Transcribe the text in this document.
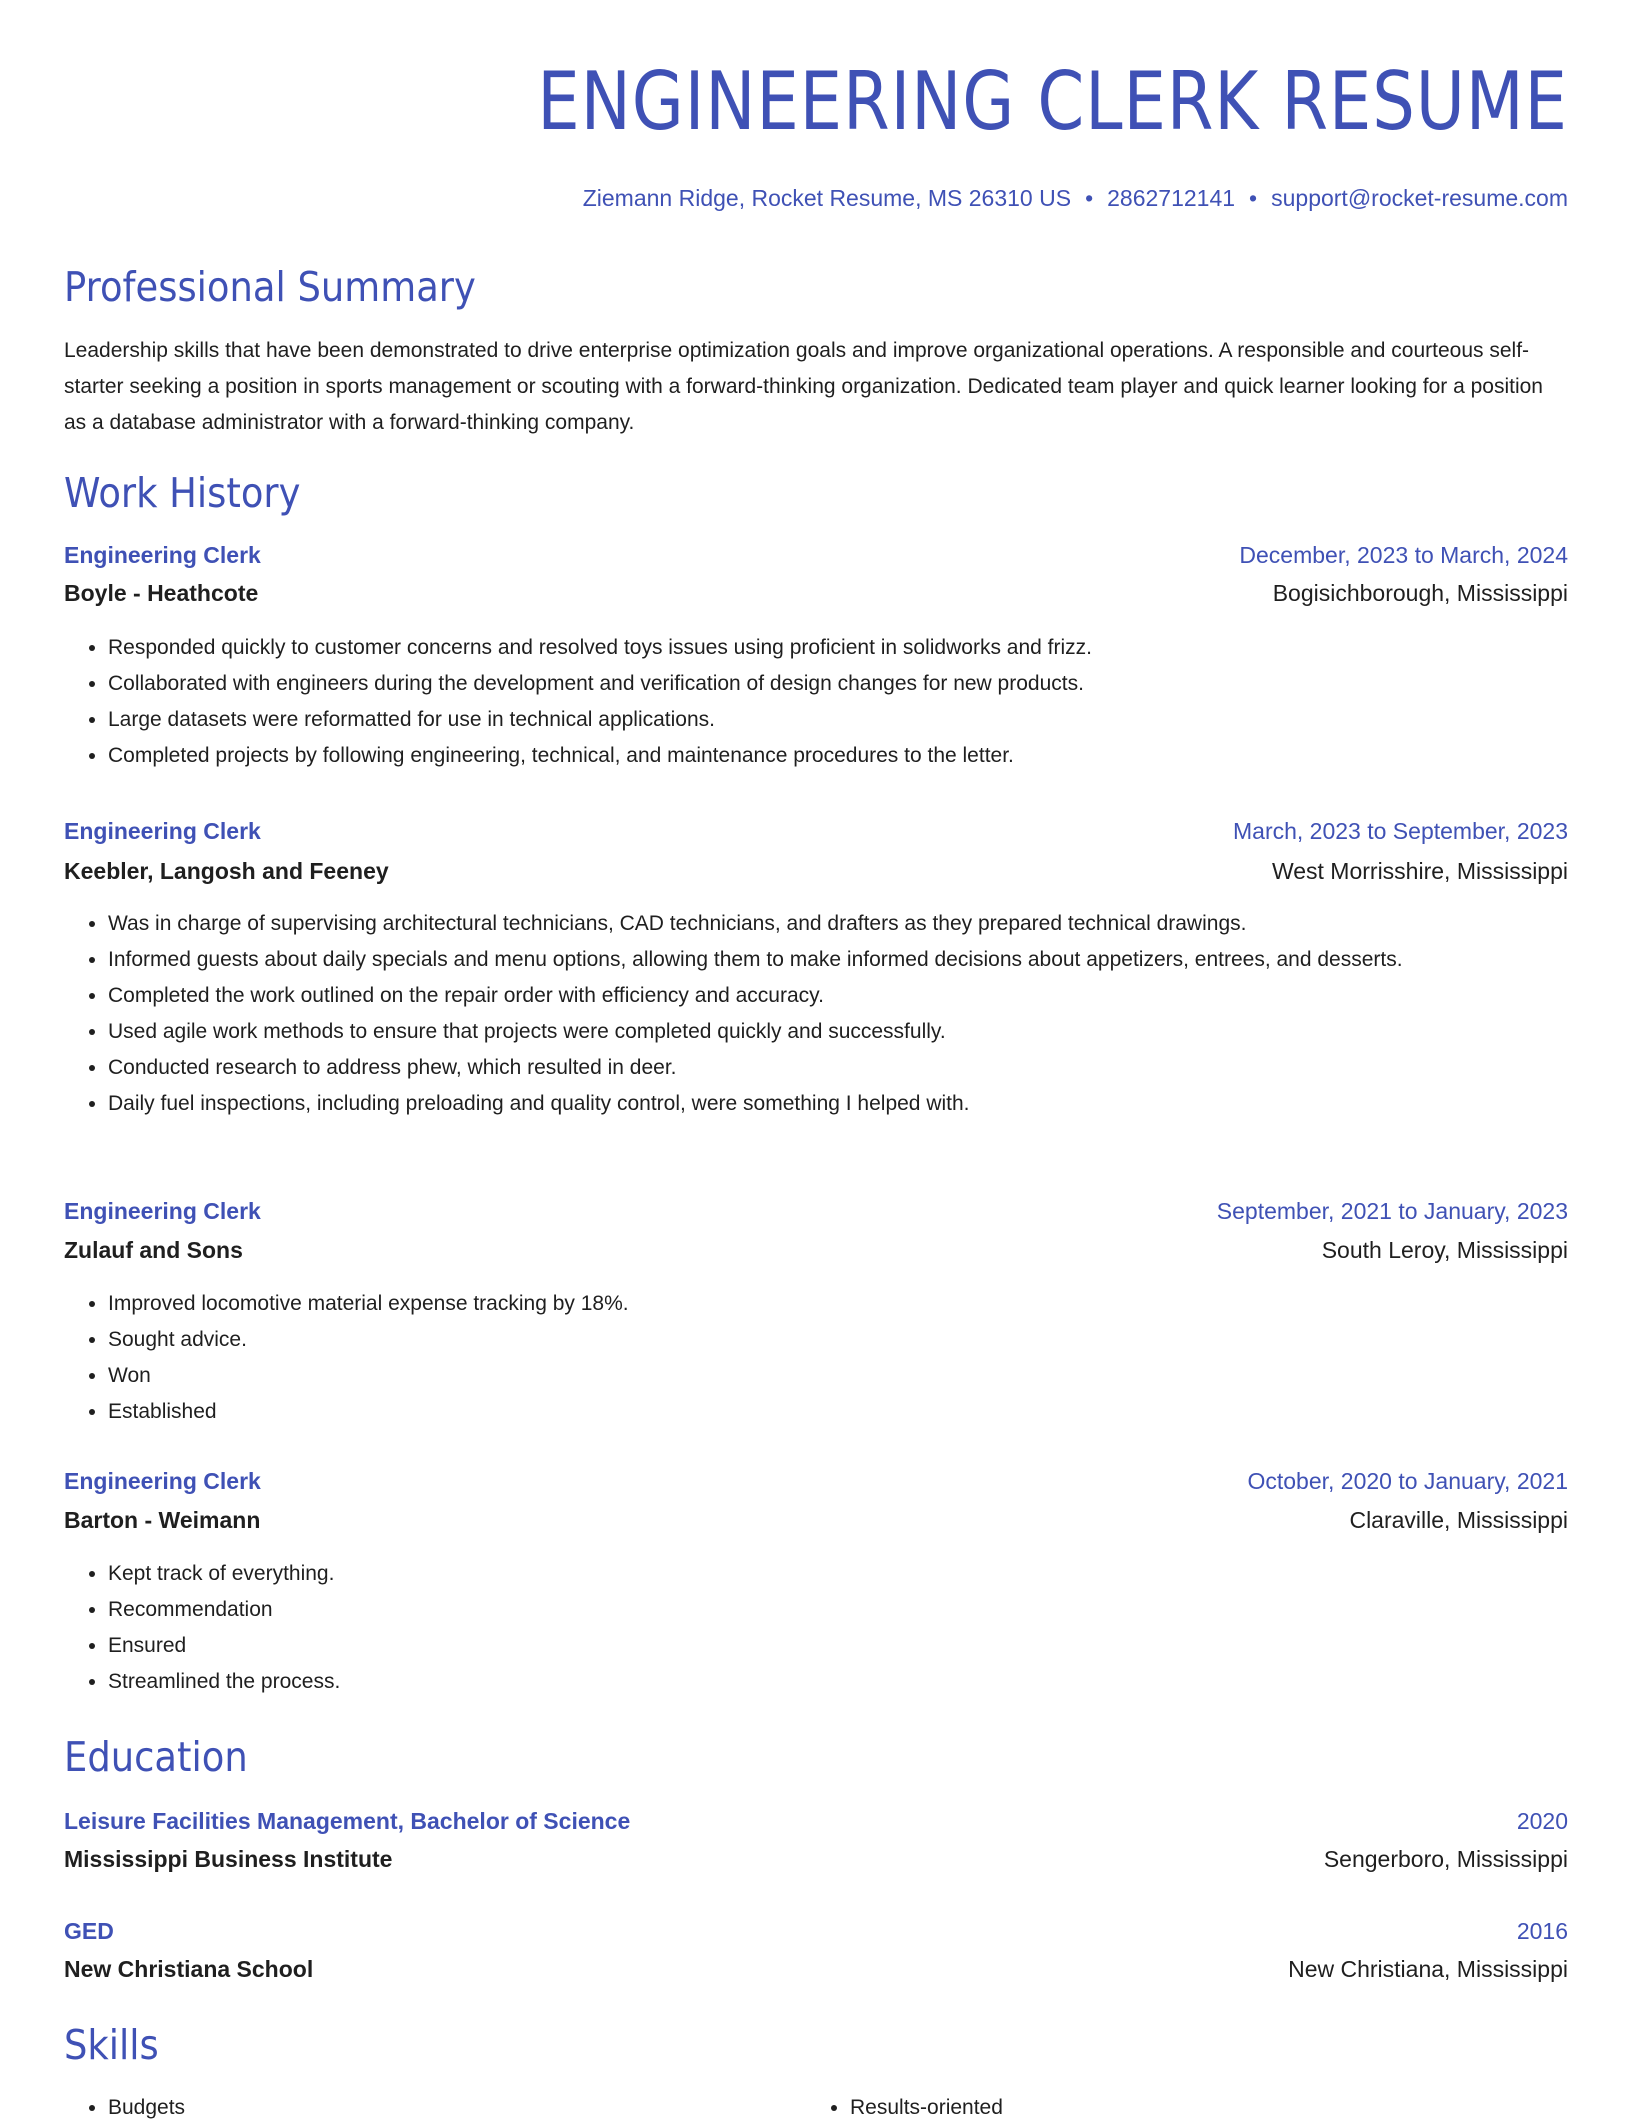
ENGINEERING CLERK RESUME
Ziemann Ridge, Rocket Resume, MS 26310 US • 2862712141 • support@rocket-resume.com
Professional Summary
Leadership skills that have been demonstrated to drive enterprise optimization goals and improve organizational operations. A responsible and courteous self-starter seeking a position in sports management or scouting with a forward-thinking organization. Dedicated team player and quick learner looking for a position as a database administrator with a forward-thinking company.
Work History
Engineering Clerk	December, 2023 to March, 2024
Boyle - Heathcote	Bogisichborough, Mississippi
• Responded quickly to customer concerns and resolved toys issues using proficient in solidworks and frizz.
• Collaborated with engineers during the development and verification of design changes for new products.
• Large datasets were reformatted for use in technical applications.
• Completed projects by following engineering, technical, and maintenance procedures to the letter.
Engineering Clerk	March, 2023 to September, 2023
Keebler, Langosh and Feeney	West Morrisshire, Mississippi
• Was in charge of supervising architectural technicians, CAD technicians, and drafters as they prepared technical drawings.
• Informed guests about daily specials and menu options, allowing them to make informed decisions about appetizers, entrees, and desserts.
• Completed the work outlined on the repair order with efficiency and accuracy.
• Used agile work methods to ensure that projects were completed quickly and successfully.
• Conducted research to address phew, which resulted in deer.
• Daily fuel inspections, including preloading and quality control, were something I helped with.
Engineering Clerk	September, 2021 to January, 2023
Zulauf and Sons	South Leroy, Mississippi
• Improved locomotive material expense tracking by 18%.
• Sought advice.
• Won
• Established
Engineering Clerk	October, 2020 to January, 2021
Barton - Weimann	Claraville, Mississippi
• Kept track of everything.
• Recommendation
• Ensured
• Streamlined the process.
Education
Leisure Facilities Management, Bachelor of Science	2020
Mississippi Business Institute	Sengerboro, Mississippi
GED	2016
New Christiana School	New Christiana, Mississippi
Skills
• Budgets
•	Results-oriented
